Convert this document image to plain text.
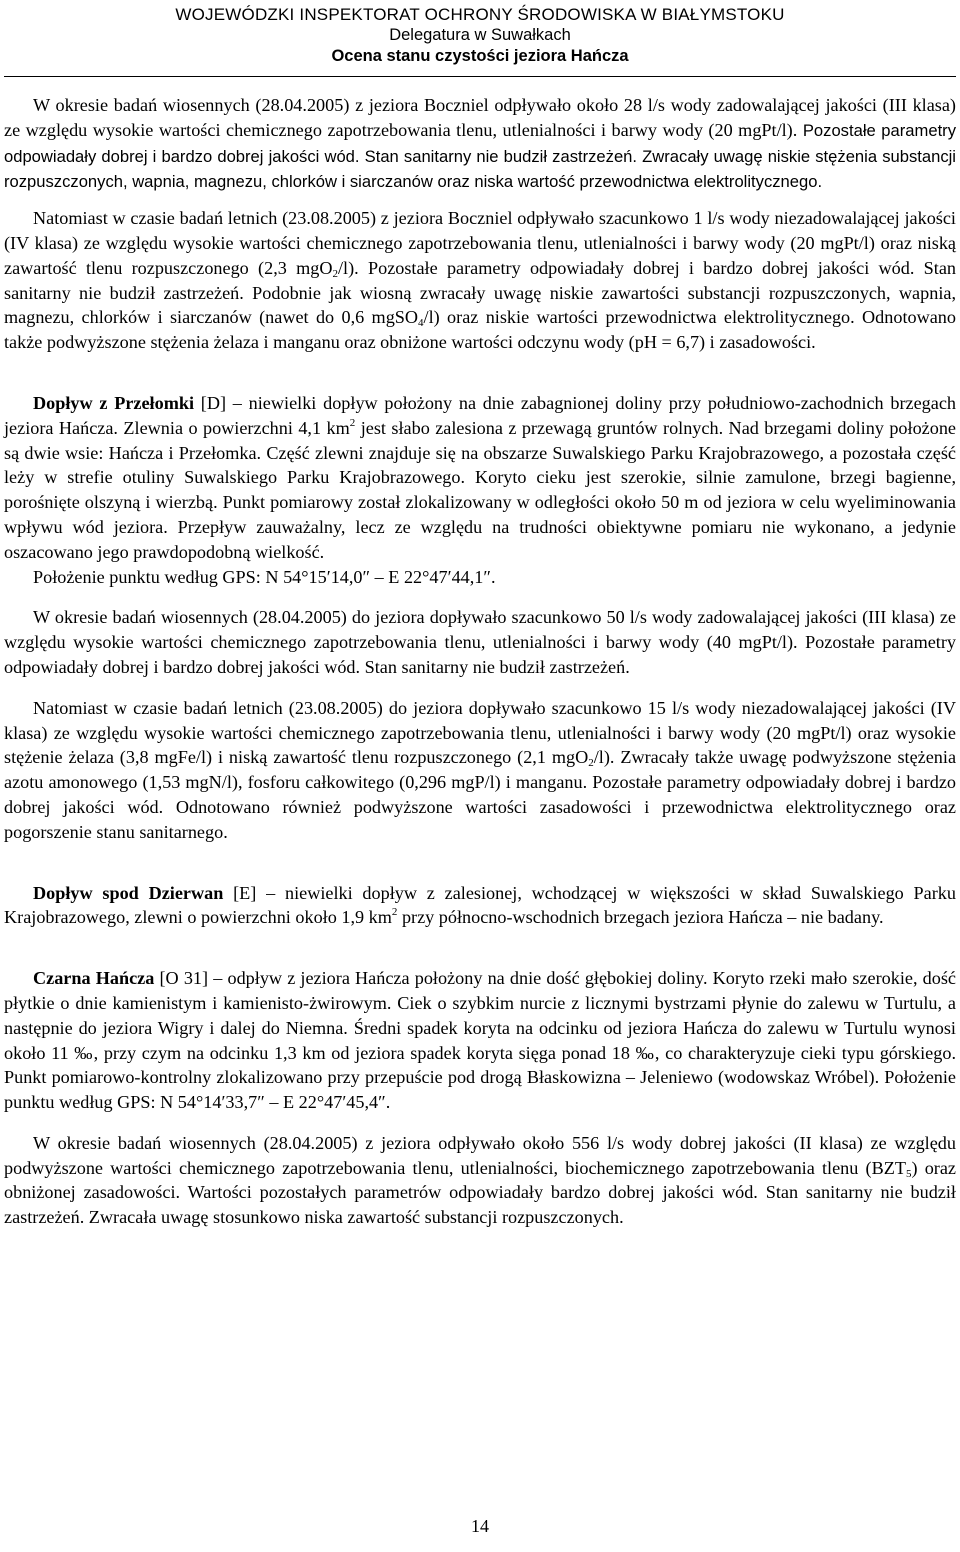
WOJEWÓDZKI INSPEKTORAT OCHRONY ŚRODOWISKA W BIAŁYMSTOKU
Delegatura w Suwałkach
Ocena stanu czystości jeziora Hańcza

W okresie badań wiosennych (28.04.2005) z jeziora Boczniel odpływało około 28 l/s wody zadowalającej jakości (III klasa) ze względu wysokie wartości chemicznego zapotrzebowania tlenu, utlenialności i barwy wody (20 mgPt/l). Pozostałe parametry odpowiadały dobrej i bardzo dobrej jakości wód. Stan sanitarny nie budził zastrzeżeń. Zwracały uwagę niskie stężenia substancji rozpuszczonych, wapnia, magnezu, chlorków i siarczanów oraz niska wartość przewodnictwa elektrolitycznego.

Natomiast w czasie badań letnich (23.08.2005) z jeziora Boczniel odpływało szacunkowo 1 l/s wody niezadowalającej jakości (IV klasa) ze względu wysokie wartości chemicznego zapotrzebowania tlenu, utlenialności i barwy wody (20 mgPt/l) oraz niską zawartość tlenu rozpuszczonego (2,3 mgO$_2$/l). Pozostałe parametry odpowiadały dobrej i bardzo dobrej jakości wód. Stan sanitarny nie budził zastrzeżeń. Podobnie jak wiosną zwracały uwagę niskie zawartości substancji rozpuszczonych, wapnia, magnezu, chlorków i siarczanów (nawet do 0,6 mgSO$_4$/l) oraz niskie wartości przewodnictwa elektrolitycznego. Odnotowano także podwyższone stężenia żelaza i manganu oraz obniżone wartości odczynu wody (pH = 6,7) i zasadowości.

Dopływ z Przełomki [D] – niewielki dopływ położony na dnie zabagnionej doliny przy południowo-zachodnich brzegach jeziora Hańcza. Zlewnia o powierzchni 4,1 $km^2$ jest słabo zalesiona z przewagą gruntów rolnych. Nad brzegami doliny położone są dwie wsie: Hańcza i Przełomka. Część zlewni znajduje się na obszarze Suwalskiego Parku Krajobrazowego, a pozostała część leży w strefie otuliny Suwalskiego Parku Krajobrazowego. Koryto cieku jest szerokie, silnie zamulone, brzegi bagienne, porośnięte olszyną i wierzbą. Punkt pomiarowy został zlokalizowany w odległości około 50 m od jeziora w celu wyeliminowania wpływu wód jeziora. Przepływ zauważalny, lecz ze względu na trudności obiektywne pomiaru nie wykonano, a jedynie oszacowano jego prawdopodobną wielkość.

Położenie punktu według GPS: N 54°15′14,0″ – E 22°47′44,1″.

W okresie badań wiosennych (28.04.2005) do jeziora dopływało szacunkowo 50 l/s wody zadowalającej jakości (III klasa) ze względu wysokie wartości chemicznego zapotrzebowania tlenu, utlenialności i barwy wody (40 mgPt/l). Pozostałe parametry odpowiadały dobrej i bardzo dobrej jakości wód. Stan sanitarny nie budził zastrzeżeń.

Natomiast w czasie badań letnich (23.08.2005) do jeziora dopływało szacunkowo 15 l/s wody niezadowalającej jakości (IV klasa) ze względu wysokie wartości chemicznego zapotrzebowania tlenu, utlenialności i barwy wody (20 mgPt/l) oraz wysokie stężenie żelaza (3,8 mgFe/l) i niską zawartość tlenu rozpuszczonego (2,1 mgO$_2$/l). Zwracały także uwagę podwyższone stężenia azotu amonowego (1,53 mgN/l), fosforu całkowitego (0,296 mgP/l) i manganu. Pozostałe parametry odpowiadały dobrej i bardzo dobrej jakości wód. Odnotowano również podwyższone wartości zasadowości i przewodnictwa elektrolitycznego oraz pogorszenie stanu sanitarnego.

Dopływ spod Dzierwan [E] – niewielki dopływ z zalesionej, wchodzącej w większości w skład Suwalskiego Parku Krajobrazowego, zlewni o powierzchni około 1,9 $km^2$ przy północno-wschodnich brzegach jeziora Hańcza – nie badany.

Czarna Hańcza [O 31] – odpływ z jeziora Hańcza położony na dnie dość głębokiej doliny. Koryto rzeki mało szerokie, dość płytkie o dnie kamienistym i kamienisto-żwirowym. Ciek o szybkim nurcie z licznymi bystrzami płynie do zalewu w Turtulu, a następnie do jeziora Wigry i dalej do Niemna. Średni spadek koryta na odcinku od jeziora Hańcza do zalewu w Turtulu wynosi około 11 ‰, przy czym na odcinku 1,3 km od jeziora spadek koryta sięga ponad 18 ‰, co charakteryzuje cieki typu górskiego. Punkt pomiarowo-kontrolny zlokalizowano przy przepuście pod drogą Błaskowizna – Jeleniewo (wodowskaz Wróbel). Położenie punktu według GPS: N 54°14′33,7″ – E 22°47′45,4″.

W okresie badań wiosennych (28.04.2005) z jeziora odpływało około 556 l/s wody dobrej jakości (II klasa) ze względu podwyższone wartości chemicznego zapotrzebowania tlenu, utlenialności, biochemicznego zapotrzebowania tlenu $(BZT_5)$ oraz obniżonej zasadowości. Wartości pozostałych parametrów odpowiadały bardzo dobrej jakości wód. Stan sanitarny nie budził zastrzeżeń. Zwracała uwagę stosunkowo niska zawartość substancji rozpuszczonych.

14
